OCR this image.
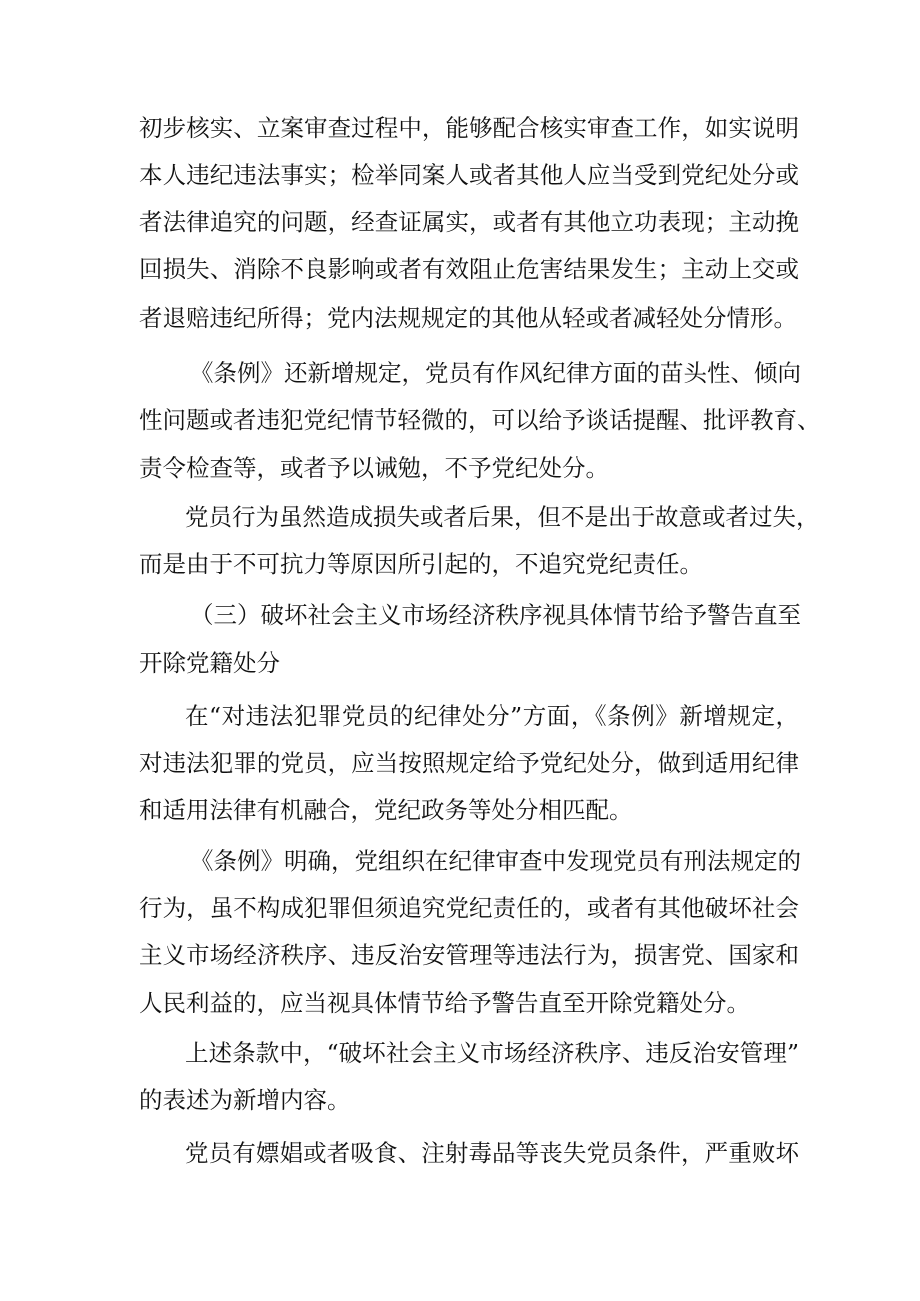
初步核实、立案审查过程中，能够配合核实审查工作，如实说明
本人违纪违法事实；检举同案人或者其他人应当受到党纪处分或
者法律追究的问题，经查证属实，或者有其他立功表现；主动挽
回损失、消除不良影响或者有效阻止危害结果发生；主动上交或
者退赔违纪所得；党内法规规定的其他从轻或者减轻处分情形。
《条例》还新增规定，党员有作风纪律方面的苗头性、倾向
性问题或者违犯党纪情节轻微的，可以给予谈话提醒、批评教育、
责令检查等，或者予以诫勉，不予党纪处分。
党员行为虽然造成损失或者后果，但不是出于故意或者过失，
而是由于不可抗力等原因所引起的，不追究党纪责任。
（三）破坏社会主义市场经济秩序视具体情节给予警告直至
开除党籍处分
在“对违法犯罪党员的纪律处分”方面，《条例》新增规定，
对违法犯罪的党员，应当按照规定给予党纪处分，做到适用纪律
和适用法律有机融合，党纪政务等处分相匹配。
《条例》明确，党组织在纪律审查中发现党员有刑法规定的
行为，虽不构成犯罪但须追究党纪责任的，或者有其他破坏社会
主义市场经济秩序、违反治安管理等违法行为，损害党、国家和
人民利益的，应当视具体情节给予警告直至开除党籍处分。
上述条款中，“破坏社会主义市场经济秩序、违反治安管理”
的表述为新增内容。
党员有嫖娼或者吸食、注射毒品等丧失党员条件，严重败坏
